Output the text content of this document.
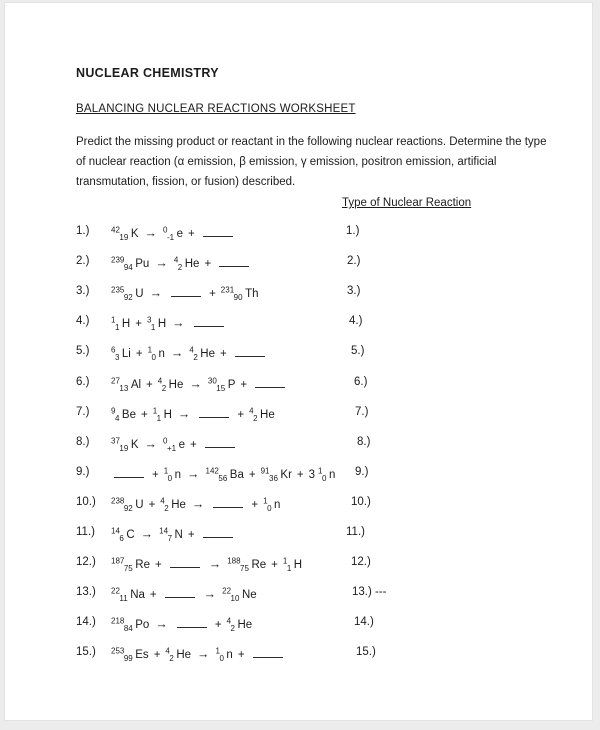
NUCLEAR CHEMISTRY
BALANCING NUCLEAR REACTIONS WORKSHEET
Predict the missing product or reactant in the following nuclear reactions. Determine the type
of nuclear reaction (α emission, β emission, γ emission, positron emission, artificial
transmutation, fission, or fusion) described.
Type of Nuclear Reaction
1.)	$^{42}_{19}$ K → $^0_{-1}$ e +	1.)
2.)	$^{239}_{94}$ Pu → $^4_2$ He +	2.)
3.)	$^{235}_{92}$ U →	+ $^{231}_{90}$ Th	3.)
4.)	$^1_1$ H + $^3_1$ H →	4.)
5.)	$^6_3$ Li + $^1_0$ n → $^4_2$ He +	5.)
6.)	$^{27}_{13}$ Al + $^4_2$ He → $^{30}_{15}$ P +	6.)
7.)	$^9_4$ Be + $^1_1$ H →	+ $^4_2$ He	7.)
8.)	$^{37}_{19}$ K → $^0_{+1}$ e +	8.)
9.)	+ $^1_0$ n → $^{142}_{56}$ Ba + $^{91}_{36}$ Kr + 3 $^1_0$ n 9.)
10.) $^{238}_{92}$ U + $^4_2$ He →	+ $^1_0$ n	10.)
11.) $^{14}_6$ C → $^{14}_7$ N +	11.)
12.) $^{187}_{75}$ Re +	→ $^{188}_{75}$ Re + $^1_1$ H	12.)
13.) $^{22}_{11}$ Na +	→ $^{22}_{10}$ Ne	13.) ---
14.) $^{218}_{84}$ Po →	+ $^4_2$ He	14.)
15.) $^{253}_{99}$ Es + $^4_2$ He → $^1_0$ n +	15.)
